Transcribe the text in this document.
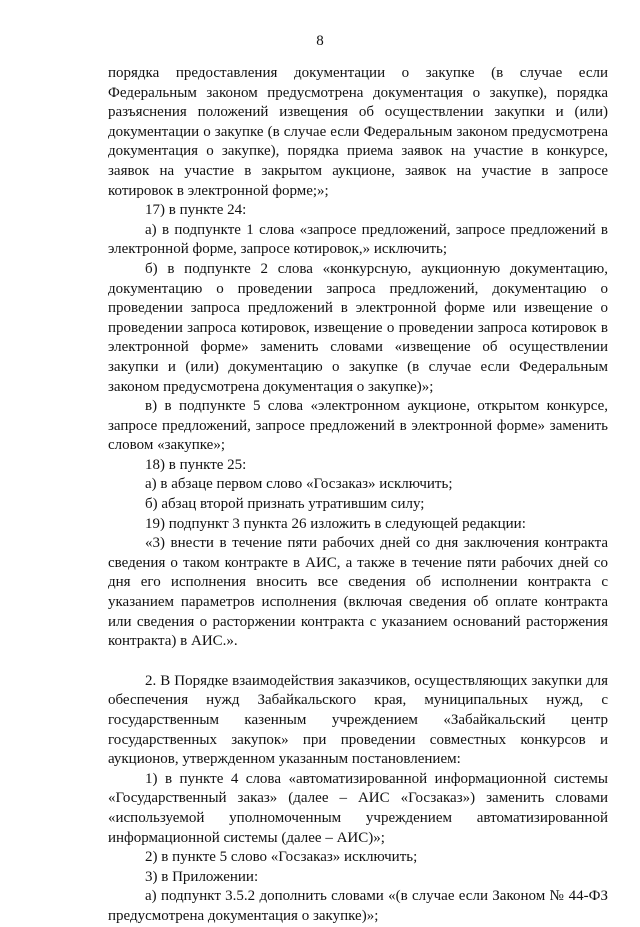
8

порядка предоставления документации о закупке (в случае если Федеральным законом предусмотрена документация о закупке), порядка разъяснения положений извещения об осуществлении закупки и (или) документации о закупке (в случае если Федеральным законом предусмотрена документация о закупке), порядка приема заявок на участие в конкурсе, заявок на участие в закрытом аукционе, заявок на участие в запросе котировок в электронной форме;»;

17) в пункте 24:

а) в подпункте 1 слова «запросе предложений, запросе предложений в электронной форме, запросе котировок,» исключить;

б) в подпункте 2 слова «конкурсную, аукционную документацию, документацию о проведении запроса предложений, документацию о проведении запроса предложений в электронной форме или извещение о проведении запроса котировок, извещение о проведении запроса котировок в электронной форме» заменить словами «извещение об осуществлении закупки и (или) документацию о закупке (в случае если Федеральным законом предусмотрена документация о закупке)»;

в) в подпункте 5 слова «электронном аукционе, открытом конкурсе, запросе предложений, запросе предложений в электронной форме» заменить словом «закупке»;

18) в пункте 25:

а) в абзаце первом слово «Госзаказ» исключить;

б) абзац второй признать утратившим силу;

19) подпункт 3 пункта 26 изложить в следующей редакции:

«3) внести в течение пяти рабочих дней со дня заключения контракта сведения о таком контракте в АИС, а также в течение пяти рабочих дней со дня его исполнения вносить все сведения об исполнении контракта с указанием параметров исполнения (включая сведения об оплате контракта или сведения о расторжении контракта с указанием оснований расторжения контракта) в АИС.».

2. В Порядке взаимодействия заказчиков, осуществляющих закупки для обеспечения нужд Забайкальского края, муниципальных нужд, с государственным казенным учреждением «Забайкальский центр государственных закупок» при проведении совместных конкурсов и аукционов, утвержденном указанным постановлением:

1) в пункте 4 слова «автоматизированной информационной системы «Государственный заказ» (далее – АИС «Госзаказ») заменить словами «используемой уполномоченным учреждением автоматизированной информационной системы (далее – АИС)»;

2) в пункте 5 слово «Госзаказ» исключить;

3) в Приложении:

а) подпункт 3.5.2 дополнить словами «(в случае если Законом № 44-ФЗ предусмотрена документация о закупке)»;
